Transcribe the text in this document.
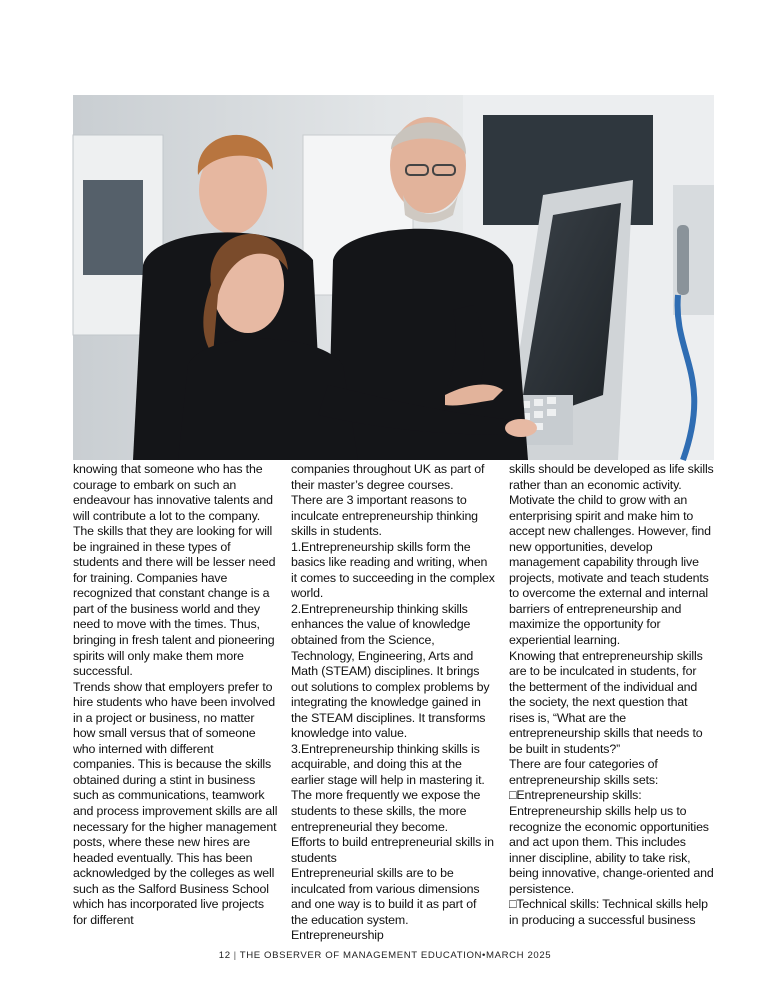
knowing that someone who has the courage to embark on such an endeavour has innovative talents and will contribute a lot to the company. The skills that they are looking for will be ingrained in these types of students and there will be lesser need for training. Companies have recognized that constant change is a part of the business world and they need to move with the times. Thus, bringing in fresh talent and pioneering spirits will only make them more successful.

Trends show that employers prefer to hire students who have been involved in a project or business, no matter how small versus that of someone who interned with different companies. This is because the skills obtained during a stint in business such as communications, teamwork and process improvement skills are all necessary for the higher management posts, where these new hires are headed eventually. This has been acknowledged by the colleges as well such as the Salford Business School which has incorporated live projects for different

companies throughout UK as part of their master’s degree courses.

There are 3 important reasons to inculcate entrepreneurship thinking skills in students.

1.Entrepreneurship skills form the basics like reading and writing, when it comes to succeeding in the complex world.

2.Entrepreneurship thinking skills enhances the value of knowledge obtained from the Science, Technology, Engineering, Arts and Math (STEAM) disciplines. It brings out solutions to complex problems by integrating the knowledge gained in the STEAM disciplines. It transforms knowledge into value.

3.Entrepreneurship thinking skills is acquirable, and doing this at the earlier stage will help in mastering it. The more frequently we expose the students to these skills, the more entrepreneurial they become.

Efforts to build entrepreneurial skills in students

Entrepreneurial skills are to be inculcated from various dimensions and one way is to build it as part of the education system. Entrepreneurship

skills should be developed as life skills rather than an economic activity. Motivate the child to grow with an enterprising spirit and make him to accept new challenges. However, find new opportunities, develop management capability through live projects, motivate and teach students to overcome the external and internal barriers of entrepreneurship and maximize the opportunity for experiential learning.

Knowing that entrepreneurship skills are to be inculcated in students, for the betterment of the individual and the society, the next question that rises is, “What are the entrepreneurship skills that needs to be built in students?”

There are four categories of entrepreneurship skills sets:

□Entrepreneurship skills: Entrepreneurship skills help us to recognize the economic opportunities and act upon them. This includes inner discipline, ability to take risk, being innovative, change-oriented and persistence.

□Technical skills: Technical skills help in producing a successful business

12 | THE OBSERVER OF MANAGEMENT EDUCATION•MARCH 2025
